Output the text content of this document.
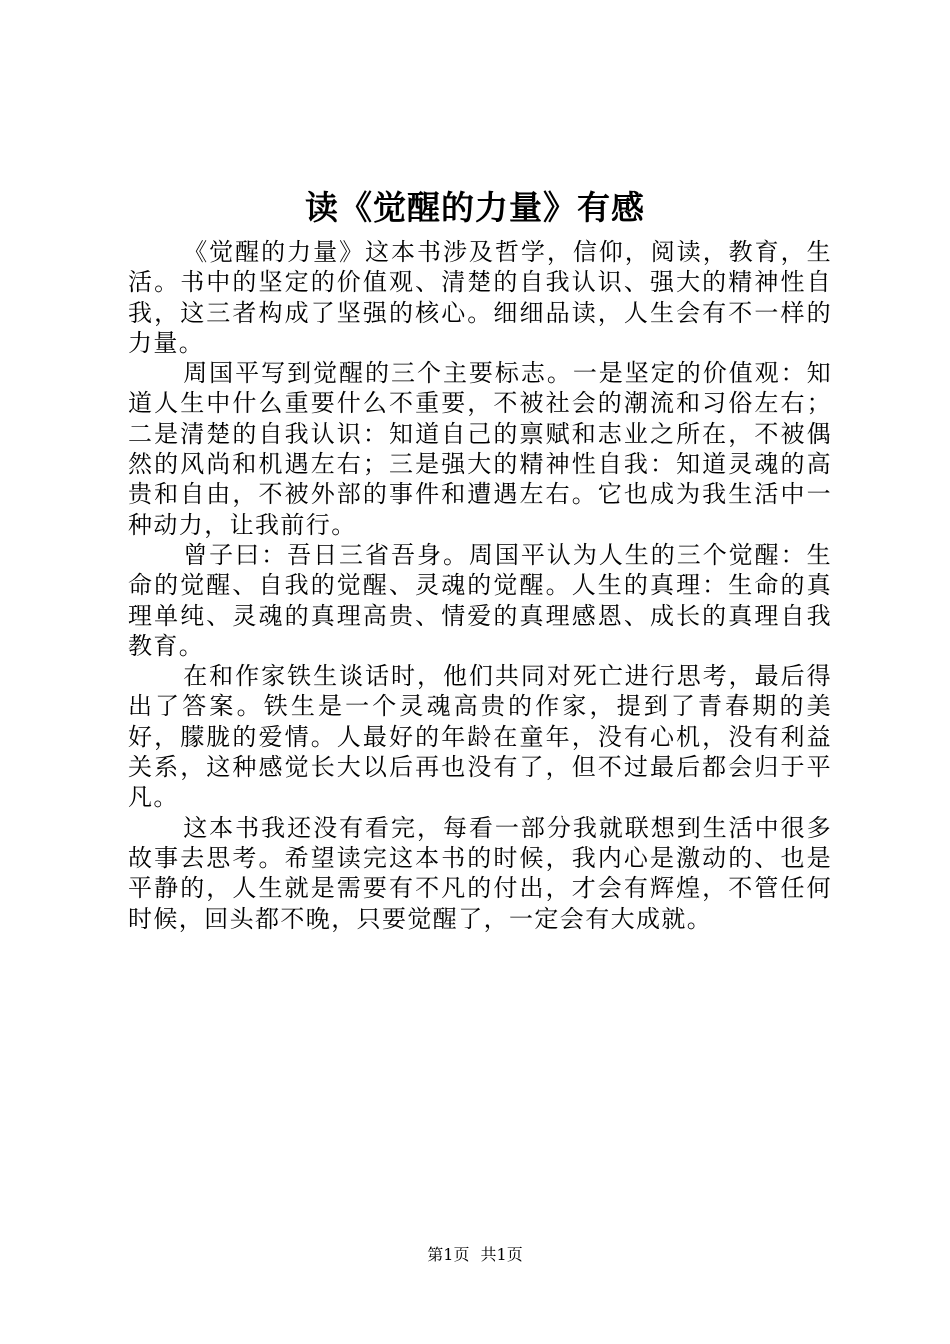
读《觉醒的力量》有感

《觉醒的力量》这本书涉及哲学，信仰，阅读，教育，生活。书中的坚定的价值观、清楚的自我认识、强大的精神性自我，这三者构成了坚强的核心。细细品读，人生会有不一样的力量。

周国平写到觉醒的三个主要标志。一是坚定的价值观：知道人生中什么重要什么不重要，不被社会的潮流和习俗左右；二是清楚的自我认识：知道自己的禀赋和志业之所在，不被偶然的风尚和机遇左右；三是强大的精神性自我：知道灵魂的高贵和自由，不被外部的事件和遭遇左右。它也成为我生活中一种动力，让我前行。

曾子曰：吾日三省吾身。周国平认为人生的三个觉醒：生命的觉醒、自我的觉醒、灵魂的觉醒。人生的真理：生命的真理单纯、灵魂的真理高贵、情爱的真理感恩、成长的真理自我教育。

在和作家铁生谈话时，他们共同对死亡进行思考，最后得出了答案。铁生是一个灵魂高贵的作家，提到了青春期的美好，朦胧的爱情。人最好的年龄在童年，没有心机，没有利益关系，这种感觉长大以后再也没有了，但不过最后都会归于平凡。

这本书我还没有看完，每看一部分我就联想到生活中很多故事去思考。希望读完这本书的时候，我内心是激动的、也是平静的，人生就是需要有不凡的付出，才会有辉煌，不管任何时候，回头都不晚，只要觉醒了，一定会有大成就。

第1页 共1页
